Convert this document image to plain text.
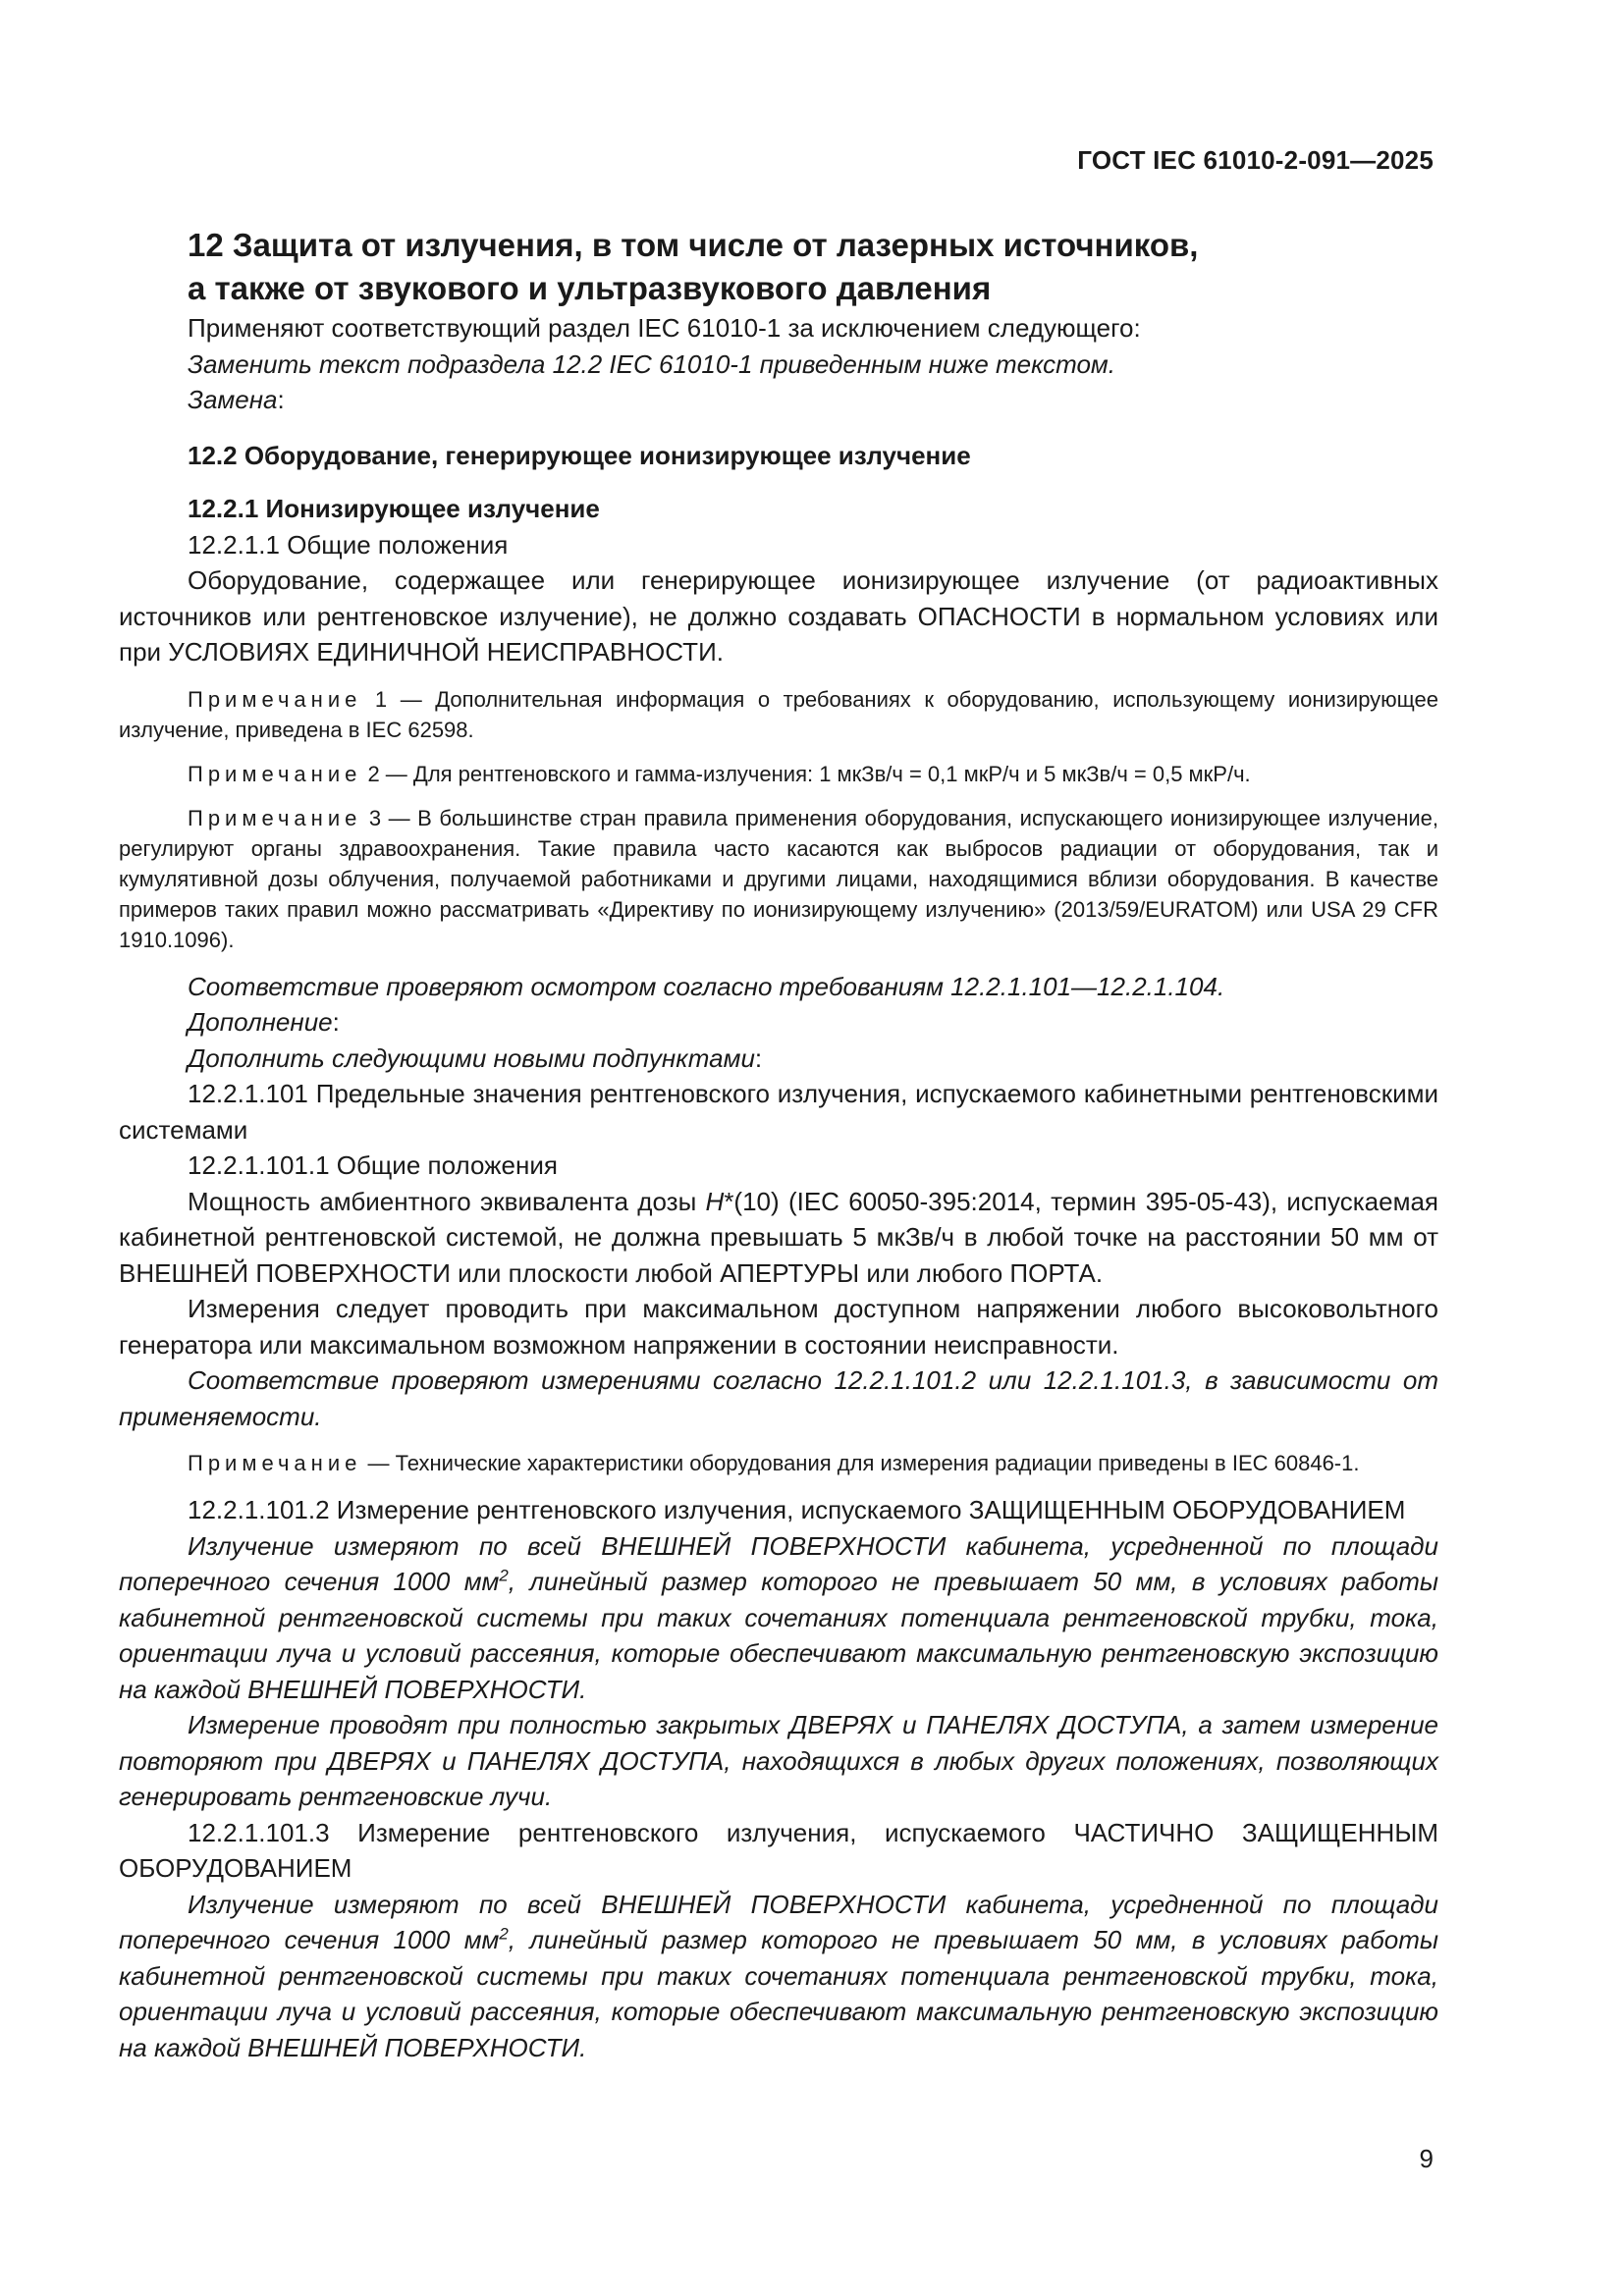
ГОСТ IEC 61010-2-091—2025

12 Защита от излучения, в том числе от лазерных источников,
а также от звукового и ультразвукового давления

Применяют соответствующий раздел IEC 61010-1 за исключением следующего:

Заменить текст подраздела 12.2 IEC 61010-1 приведенным ниже текстом.

Замена:

12.2 Оборудование, генерирующее ионизирующее излучение

12.2.1 Ионизирующее излучение

12.2.1.1 Общие положения

Оборудование, содержащее или генерирующее ионизирующее излучение (от радиоактивных источников или рентгеновское излучение), не должно создавать ОПАСНОСТИ в нормальном условиях или при УСЛОВИЯХ ЕДИНИЧНОЙ НЕИСПРАВНОСТИ.

Примечание 1 — Дополнительная информация о требованиях к оборудованию, использующему ионизирующее излучение, приведена в IEC 62598.

Примечание 2 — Для рентгеновского и гамма-излучения: 1 мкЗв/ч = 0,1 мкР/ч и 5 мкЗв/ч = 0,5 мкР/ч.

Примечание 3 — В большинстве стран правила применения оборудования, испускающего ионизирующее излучение, регулируют органы здравоохранения. Такие правила часто касаются как выбросов радиации от оборудования, так и кумулятивной дозы облучения, получаемой работниками и другими лицами, находящимися вблизи оборудования. В качестве примеров таких правил можно рассматривать «Директиву по ионизирующему излучению» (2013/59/EURATOM) или USA 29 CFR 1910.1096).

Соответствие проверяют осмотром согласно требованиям 12.2.1.101—12.2.1.104.

Дополнение:

Дополнить следующими новыми подпунктами:

12.2.1.101 Предельные значения рентгеновского излучения, испускаемого кабинетными рентгеновскими системами

12.2.1.101.1 Общие положения

Мощность амбиентного эквивалента дозы H*(10) (IEC 60050-395:2014, термин 395-05-43), испускаемая кабинетной рентгеновской системой, не должна превышать 5 мкЗв/ч в любой точке на расстоянии 50 мм от ВНЕШНЕЙ ПОВЕРХНОСТИ или плоскости любой АПЕРТУРЫ или любого ПОРТА.

Измерения следует проводить при максимальном доступном напряжении любого высоковольтного генератора или максимальном возможном напряжении в состоянии неисправности.

Соответствие проверяют измерениями согласно 12.2.1.101.2 или 12.2.1.101.3, в зависимости от применяемости.

Примечание — Технические характеристики оборудования для измерения радиации приведены в IEC 60846-1.

12.2.1.101.2 Измерение рентгеновского излучения, испускаемого ЗАЩИЩЕННЫМ ОБОРУДОВАНИЕМ

Излучение измеряют по всей ВНЕШНЕЙ ПОВЕРХНОСТИ кабинета, усредненной по площади поперечного сечения 1000 $мм^2$, линейный размер которого не превышает 50 мм, в условиях работы кабинетной рентгеновской системы при таких сочетаниях потенциала рентгеновской трубки, тока, ориентации луча и условий рассеяния, которые обеспечивают максимальную рентгеновскую экспозицию на каждой ВНЕШНЕЙ ПОВЕРХНОСТИ.

Измерение проводят при полностью закрытых ДВЕРЯХ и ПАНЕЛЯХ ДОСТУПА, а затем измерение повторяют при ДВЕРЯХ и ПАНЕЛЯХ ДОСТУПА, находящихся в любых других положениях, позволяющих генерировать рентгеновские лучи.

12.2.1.101.3 Измерение рентгеновского излучения, испускаемого ЧАСТИЧНО ЗАЩИЩЕННЫМ ОБОРУДОВАНИЕМ

Излучение измеряют по всей ВНЕШНЕЙ ПОВЕРХНОСТИ кабинета, усредненной по площади поперечного сечения 1000 $мм^2$, линейный размер которого не превышает 50 мм, в условиях работы кабинетной рентгеновской системы при таких сочетаниях потенциала рентгеновской трубки, тока, ориентации луча и условий рассеяния, которые обеспечивают максимальную рентгеновскую экспозицию на каждой ВНЕШНЕЙ ПОВЕРХНОСТИ.

9
